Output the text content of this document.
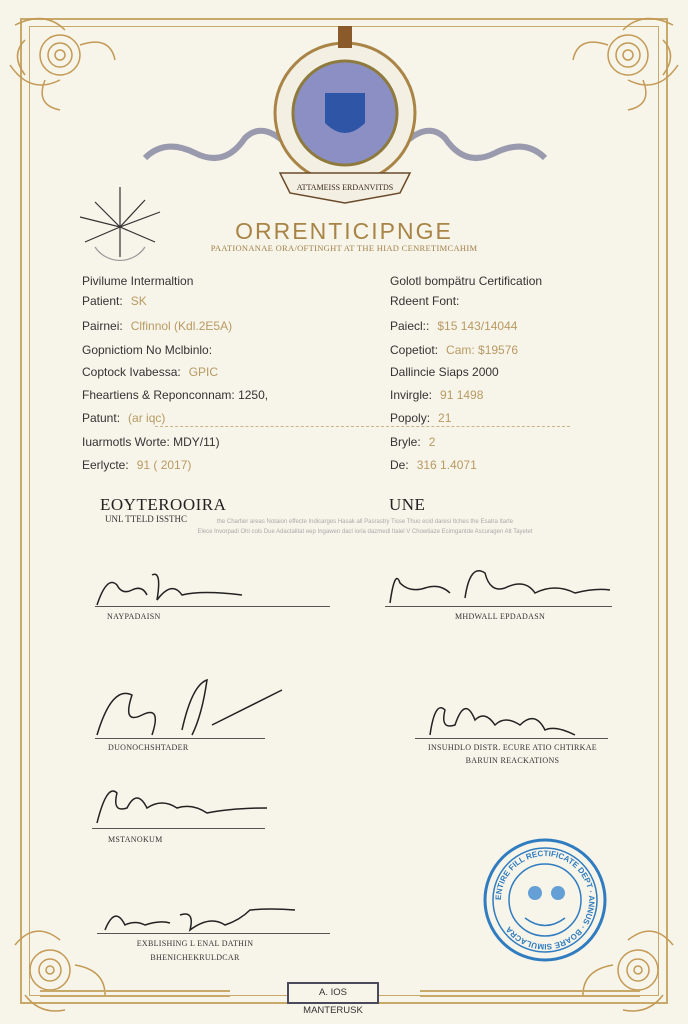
ATTAMEISS ERDANVITDS
ORRENTICIPNGE
PAATIONANAE ORA/OFTINGHT AT THE HIAD CENRETIMCAHIM
Pivilume Intermaltion
Patient: SK
Pairnei: Clfinnol (Kdl.2E5A)
Gopnictiom No Mclbinlo:
Coptock Ivabessa: GPIC
Fheartiens & Reponconnam: 1250,
Patunt: (ar iqc)
Iuarmotls Worte: MDY/11)
Eerlycte: 91 ( 2017)
Golotl bompätru Certification
Rdeent Font:
Paiecl:: $15 143/14044
Copetiot: Cam: $19576
Dallincie Siaps 2000
Invirgle: 91 1498
Popoly: 21
Bryle: 2
De: 316 1.4071
EOYTEROOIRA
UNL TTELD ISSTHC
UNE
the Chartier areas Notaion effecte Indicarges Hasak all Pasrastry Tisse Thuo ecid daresi Itches the Esatra Itarte
Elece Invorpadi Ohl cols Due Adactalitat eep Ingawen dacl ioria dazmedi Itaiel V Chowtiaze Ecimgantde Ascuragen Alt Tayetet
NAYPADAISN	MHDWALL EPDADASN
DUONOCHSHTADER	INSUHDLO DISTR. ECURE ATIO CHTIRKAE
BARUIN REACKATIONS
MSTANOKUM
EXBLISHING L ENAL DATHIN
BHENICHEKRULDCAR
ENTIRE FILL RECTIFICATE DEPT · ANNUS · BOARE SIMULACRA
A. IOS MANTERUSK
